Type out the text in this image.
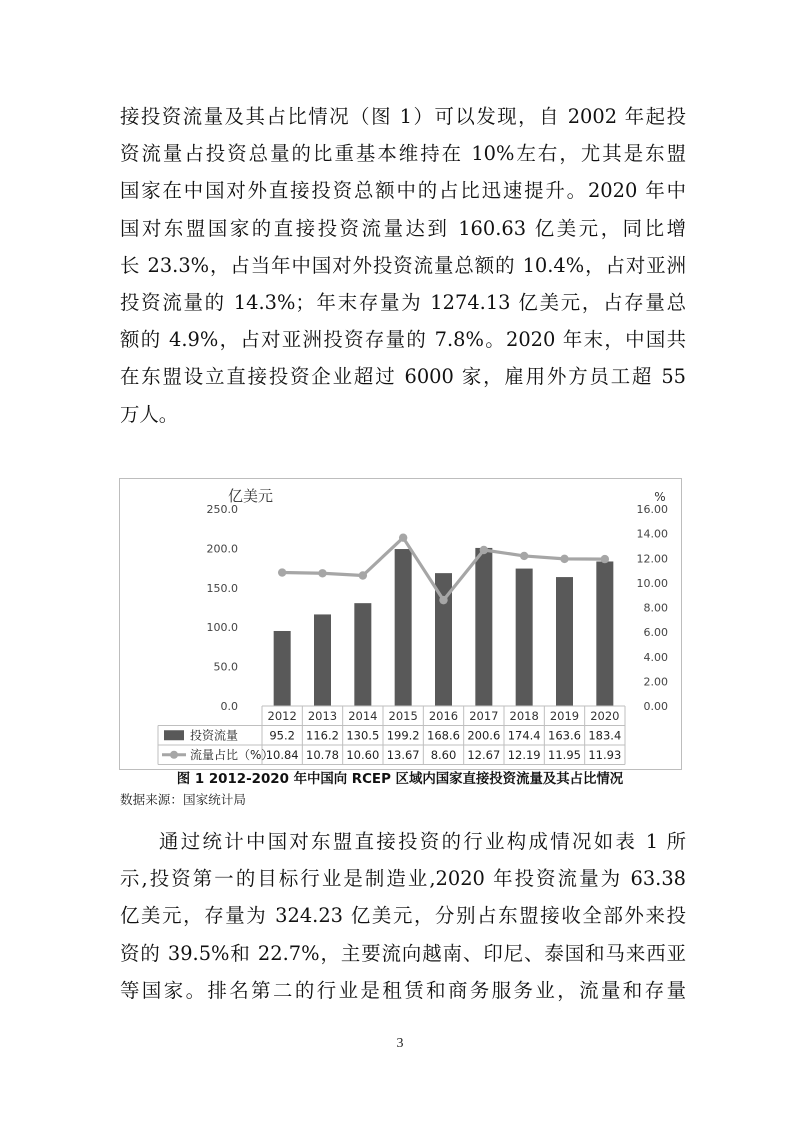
接投资流量及其占比情况（图 1）可以发现，自 2002 年起投
资流量占投资总量的比重基本维持在 10%左右，尤其是东盟
国家在中国对外直接投资总额中的占比迅速提升。2020 年中
国对东盟国家的直接投资流量达到 160.63 亿美元，同比增
长 23.3%，占当年中国对外投资流量总额的 10.4%，占对亚洲
投资流量的 14.3%；年末存量为 1274.13 亿美元，占存量总
额的 4.9%，占对亚洲投资存量的 7.8%。2020 年末，中国共
在东盟设立直接投资企业超过 6000 家，雇用外方员工超 55
万人。
亿美元	%
0.0
50.0
100.0
150.0
200.0
250.0
0.00
2.00
4.00
6.00
8.00
10.00
12.00
14.00
16.00
2012 2013 2014 2015 2016 2017 2018 2019 2020
投资流量
流量占比（%）
95.2 116.2 130.5 199.2 168.6 200.6 174.4 163.6 183.4
10.84 10.78 10.60 13.67 8.60 12.67 12.19 11.95 11.93
图 1 2012-2020 年中国向 RCEP 区域内国家直接投资流量及其占比情况
数据来源：国家统计局
通过统计中国对东盟直接投资的行业构成情况如表 1 所
示,投资第一的目标行业是制造业,2020 年投资流量为 63.38
亿美元，存量为 324.23 亿美元，分别占东盟接收全部外来投
资的 39.5%和 22.7%，主要流向越南、印尼、泰国和马来西亚
等国家。排名第二的行业是租赁和商务服务业，流量和存量
3
